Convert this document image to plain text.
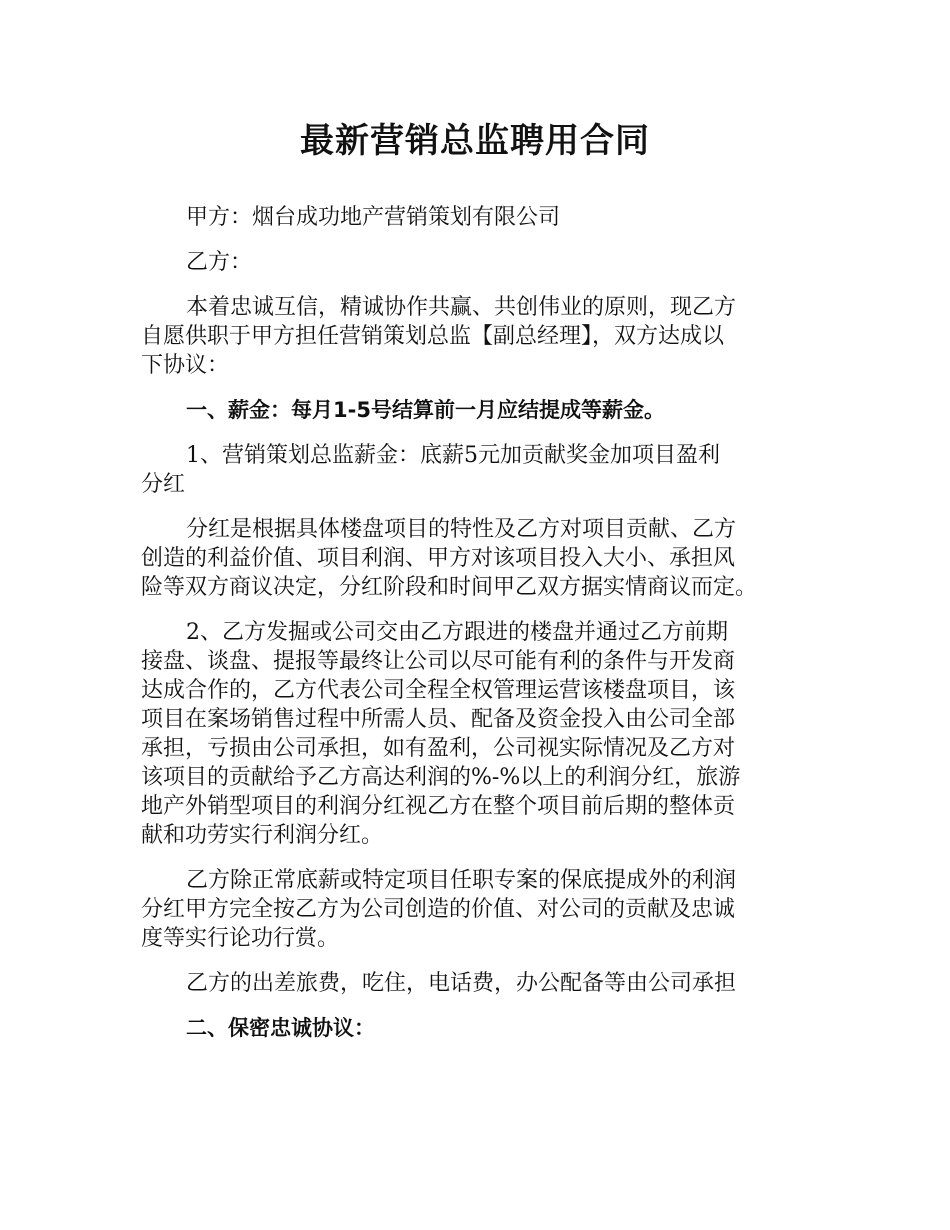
最新营销总监聘用合同

甲方：烟台成功地产营销策划有限公司

乙方：

本着忠诚互信，精诚协作共赢、共创伟业的原则，现乙方
自愿供职于甲方担任营销策划总监【副总经理】，双方达成以
下协议：

一、薪金：每月1-5号结算前一月应结提成等薪金。

1、营销策划总监薪金：底薪5元加贡献奖金加项目盈利
分红

分红是根据具体楼盘项目的特性及乙方对项目贡献、乙方
创造的利益价值、项目利润、甲方对该项目投入大小、承担风
险等双方商议决定，分红阶段和时间甲乙双方据实情商议而定。

2、乙方发掘或公司交由乙方跟进的楼盘并通过乙方前期
接盘、谈盘、提报等最终让公司以尽可能有利的条件与开发商
达成合作的，乙方代表公司全程全权管理运营该楼盘项目，该
项目在案场销售过程中所需人员、配备及资金投入由公司全部
承担，亏损由公司承担，如有盈利，公司视实际情况及乙方对
该项目的贡献给予乙方高达利润的%-%以上的利润分红，旅游
地产外销型项目的利润分红视乙方在整个项目前后期的整体贡
献和功劳实行利润分红。

乙方除正常底薪或特定项目任职专案的保底提成外的利润
分红甲方完全按乙方为公司创造的价值、对公司的贡献及忠诚
度等实行论功行赏。

乙方的出差旅费，吃住，电话费，办公配备等由公司承担

二、保密忠诚协议：
